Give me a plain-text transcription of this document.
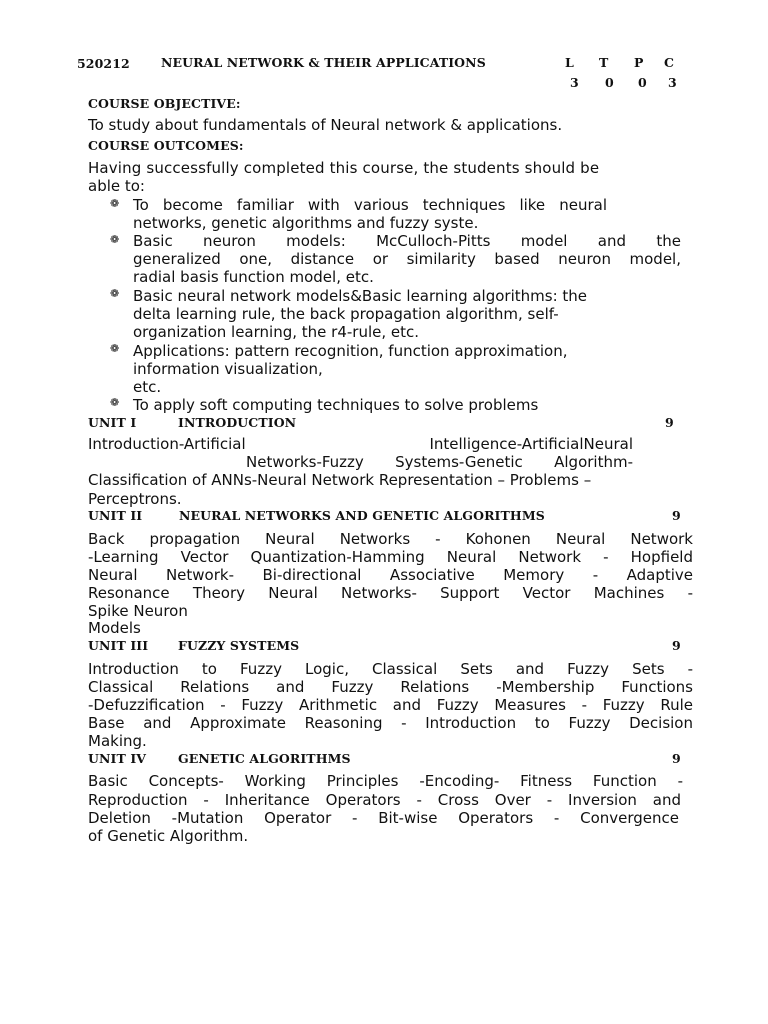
520212 NEURAL NETWORK & THEIR APPLICATIONS	L T P C
3 0 0 3
COURSE OBJECTIVE:
To study about fundamentals of Neural network & applications.
COURSE OUTCOMES:
Having successfully completed this course, the students should be
able to:
❁ To become familiar with various techniques like neural
networks, genetic algorithms and fuzzy syste.
❁ Basic neuron models: McCulloch-Pitts model and the
generalized one, distance or similarity based neuron model,
radial basis function model, etc.
❁ Basic neural network models&Basic learning algorithms: the
delta learning rule, the back propagation algorithm, self-
organization learning, the r4-rule, etc.
❁ Applications: pattern recognition, function approximation,
information visualization,
etc.
❁ To apply soft computing techniques to solve problems
UNIT I	INTRODUCTION	9
Introduction-Artificial Intelligence-ArtificialNeural
Networks-Fuzzy Systems-Genetic Algorithm-
Classification of ANNs-Neural Network Representation – Problems –
Perceptrons.
UNIT II	NEURAL NETWORKS AND GENETIC ALGORITHMS	9
Back propagation Neural Networks - Kohonen Neural Network
-Learning Vector Quantization-Hamming Neural Network - Hopfield
Neural Network- Bi-directional Associative Memory - Adaptive
Resonance Theory Neural Networks- Support Vector Machines -
Spike Neuron
Models
UNIT III FUZZY SYSTEMS	9
Introduction to Fuzzy Logic, Classical Sets and Fuzzy Sets -
Classical Relations and Fuzzy Relations -Membership Functions
-Defuzzification - Fuzzy Arithmetic and Fuzzy Measures - Fuzzy Rule
Base and Approximate Reasoning - Introduction to Fuzzy Decision
Making.
UNIT IV	GENETIC ALGORITHMS	9
Basic Concepts- Working Principles -Encoding- Fitness Function -
Reproduction - Inheritance Operators - Cross Over - Inversion and
Deletion -Mutation Operator - Bit-wise Operators - Convergence
of Genetic Algorithm.
